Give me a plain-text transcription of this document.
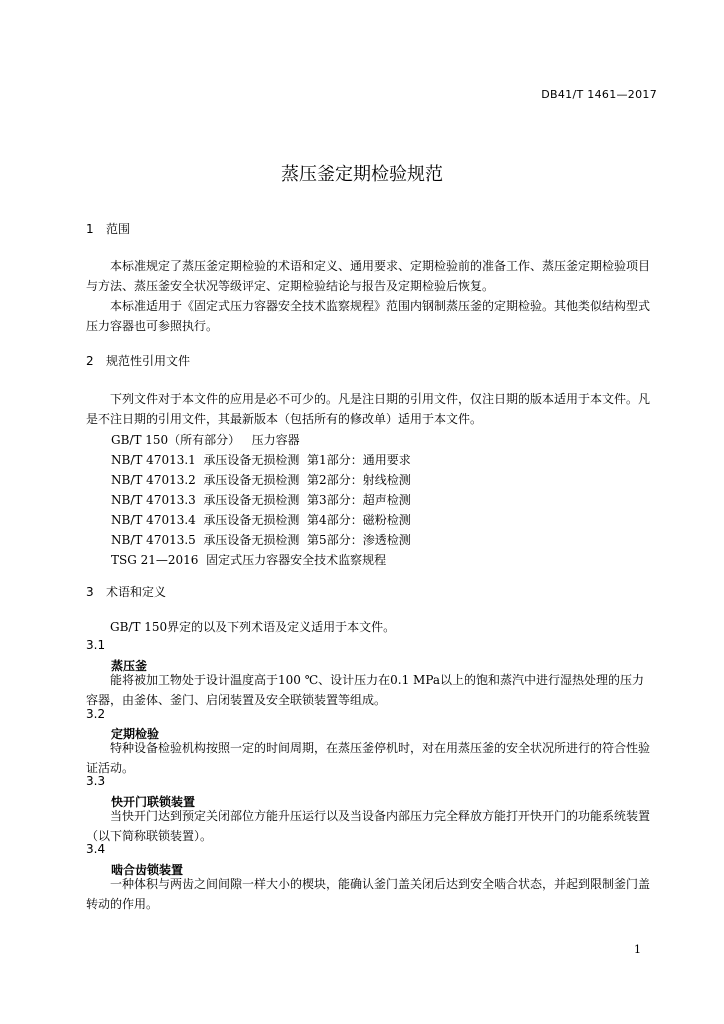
DB41/T 1461—2017
蒸压釜定期检验规范
1 范围
本标准规定了蒸压釜定期检验的术语和定义、通用要求、定期检验前的准备工作、蒸压釜定期检验项目与方法、蒸压釜安全状况等级评定、定期检验结论与报告及定期检验后恢复。
本标准适用于《固定式压力容器安全技术监察规程》范围内钢制蒸压釜的定期检验。其他类似结构型式压力容器也可参照执行。
2 规范性引用文件
下列文件对于本文件的应用是必不可少的。凡是注日期的引用文件，仅注日期的版本适用于本文件。凡是不注日期的引用文件，其最新版本（包括所有的修改单）适用于本文件。
GB/T 150（所有部分）   压力容器
NB/T 47013.1  承压设备无损检测  第1部分：通用要求
NB/T 47013.2  承压设备无损检测  第2部分：射线检测
NB/T 47013.3  承压设备无损检测  第3部分：超声检测
NB/T 47013.4  承压设备无损检测  第4部分：磁粉检测
NB/T 47013.5  承压设备无损检测  第5部分：渗透检测
TSG 21—2016  固定式压力容器安全技术监察规程
3 术语和定义
GB/T 150界定的以及下列术语及定义适用于本文件。
3.1
蒸压釜
能将被加工物处于设计温度高于100 ℃、设计压力在0.1 MPa以上的饱和蒸汽中进行湿热处理的压力容器，由釜体、釜门、启闭装置及安全联锁装置等组成。
3.2
定期检验
特种设备检验机构按照一定的时间周期，在蒸压釜停机时，对在用蒸压釜的安全状况所进行的符合性验证活动。
3.3
快开门联锁装置
当快开门达到预定关闭部位方能升压运行以及当设备内部压力完全释放方能打开快开门的功能系统装置（以下简称联锁装置）。
3.4
啮合齿锁装置
一种体积与两齿之间间隙一样大小的楔块，能确认釜门盖关闭后达到安全啮合状态，并起到限制釜门盖转动的作用。
1
